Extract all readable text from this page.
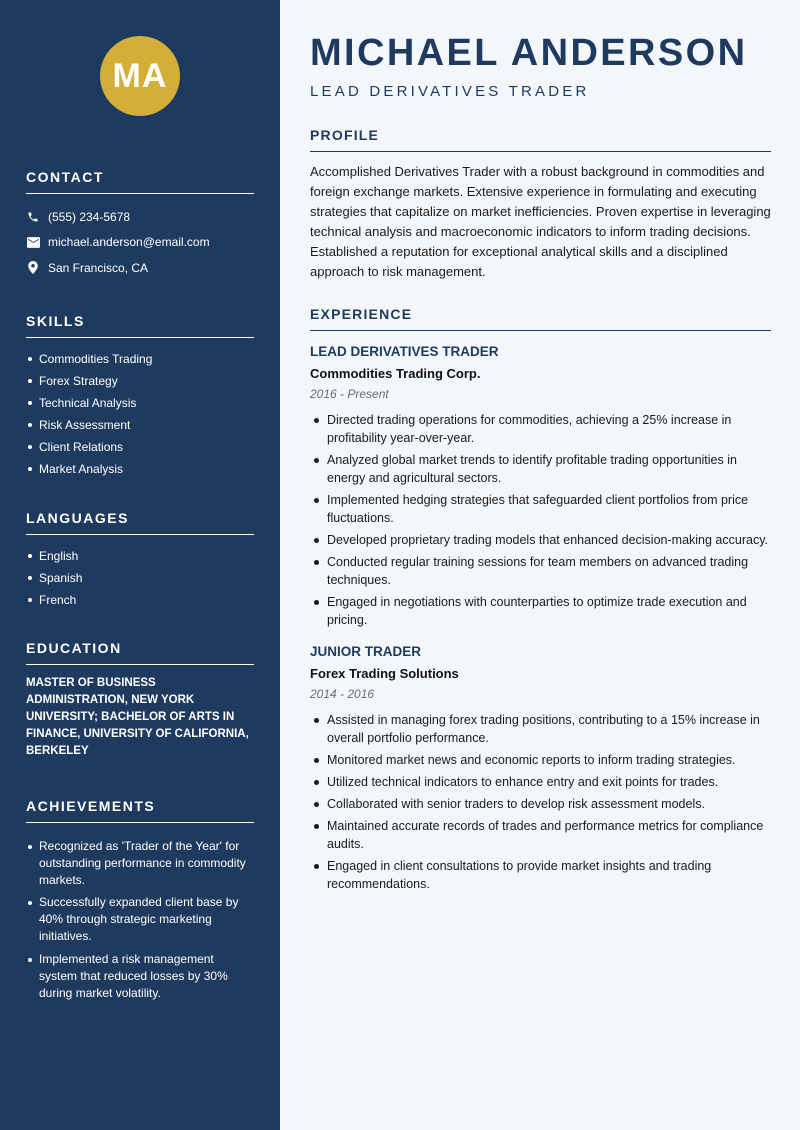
MA
CONTACT
(555) 234-5678
michael.anderson@email.com
San Francisco, CA
SKILLS
Commodities Trading
Forex Strategy
Technical Analysis
Risk Assessment
Client Relations
Market Analysis
LANGUAGES
English
Spanish
French
EDUCATION

MASTER OF BUSINESS ADMINISTRATION, NEW YORK UNIVERSITY; BACHELOR OF ARTS IN FINANCE, UNIVERSITY OF CALIFORNIA, BERKELEY

ACHIEVEMENTS
Recognized as 'Trader of the Year' for outstanding performance in commodity markets.
Successfully expanded client base by 40% through strategic marketing initiatives.
Implemented a risk management system that reduced losses by 30% during market volatility.
MICHAEL ANDERSON
LEAD DERIVATIVES TRADER
PROFILE

Accomplished Derivatives Trader with a robust background in commodities and foreign exchange markets. Extensive experience in formulating and executing strategies that capitalize on market inefficiencies. Proven expertise in leveraging technical analysis and macroeconomic indicators to inform trading decisions. Established a reputation for exceptional analytical skills and a disciplined approach to risk management.

EXPERIENCE
LEAD DERIVATIVES TRADER
Commodities Trading Corp.
2016 - Present
Directed trading operations for commodities, achieving a 25% increase in profitability year-over-year.
Analyzed global market trends to identify profitable trading opportunities in energy and agricultural sectors.
Implemented hedging strategies that safeguarded client portfolios from price fluctuations.
Developed proprietary trading models that enhanced decision-making accuracy.
Conducted regular training sessions for team members on advanced trading techniques.
Engaged in negotiations with counterparties to optimize trade execution and pricing.
JUNIOR TRADER
Forex Trading Solutions
2014 - 2016
Assisted in managing forex trading positions, contributing to a 15% increase in overall portfolio performance.
Monitored market news and economic reports to inform trading strategies.
Utilized technical indicators to enhance entry and exit points for trades.
Collaborated with senior traders to develop risk assessment models.
Maintained accurate records of trades and performance metrics for compliance audits.
Engaged in client consultations to provide market insights and trading recommendations.
